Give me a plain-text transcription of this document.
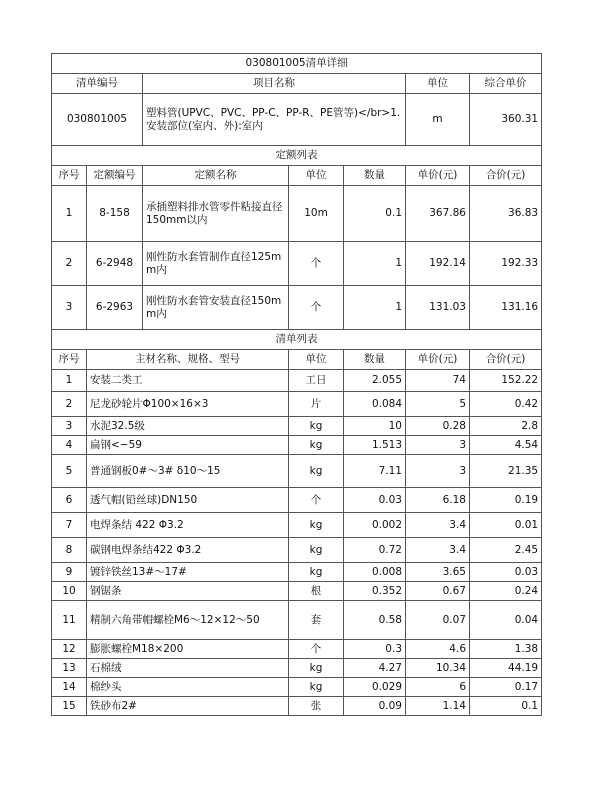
030801005清单详细						
清单编号		项目名称			单位	综合单价
030801005		塑料管(UPVC、PVC、PP-C、PP-R、PE管等)</br>1.安装部位(室内、外):室内			m	360.31
定额列表						
序号	定额编号	定额名称	单位	数量	单价(元)	合价(元)
1	8-158	承插塑料排水管零件粘接直径150mm以内	10m	0.1	367.86	36.83
2	6-2948	刚性防水套管制作直径125mm内	个	1	192.14	192.33
3	6-2963	刚性防水套管安装直径150mm内	个	1	131.03	131.16
清单列表						
序号	主材名称、规格、型号		单位	数量	单价(元)	合价(元)
1	安装二类工		工日	2.055	74	152.22
2	尼龙砂轮片Φ100×16×3		片	0.084	5	0.42
3	水泥32.5级		kg	10	0.28	2.8
4	扁钢<−59		kg	1.513	3	4.54
5	普通钢板0#～3# δ10～15		kg	7.11	3	21.35
6	透气帽(铅丝球)DN150		个	0.03	6.18	0.19
7	电焊条结 422 Φ3.2		kg	0.002	3.4	0.01
8	碳钢电焊条结422 Φ3.2		kg	0.72	3.4	2.45
9	镀锌铁丝13#～17#		kg	0.008	3.65	0.03
10	钢锯条		根	0.352	0.67	0.24
11	精制六角带帽螺栓M6～12×12～50		套	0.58	0.07	0.04
12	膨胀螺栓M18×200		个	0.3	4.6	1.38
13	石棉绒		kg	4.27	10.34	44.19
14	棉纱头		kg	0.029	6	0.17
15	铁砂布2#		张	0.09	1.14	0.1
